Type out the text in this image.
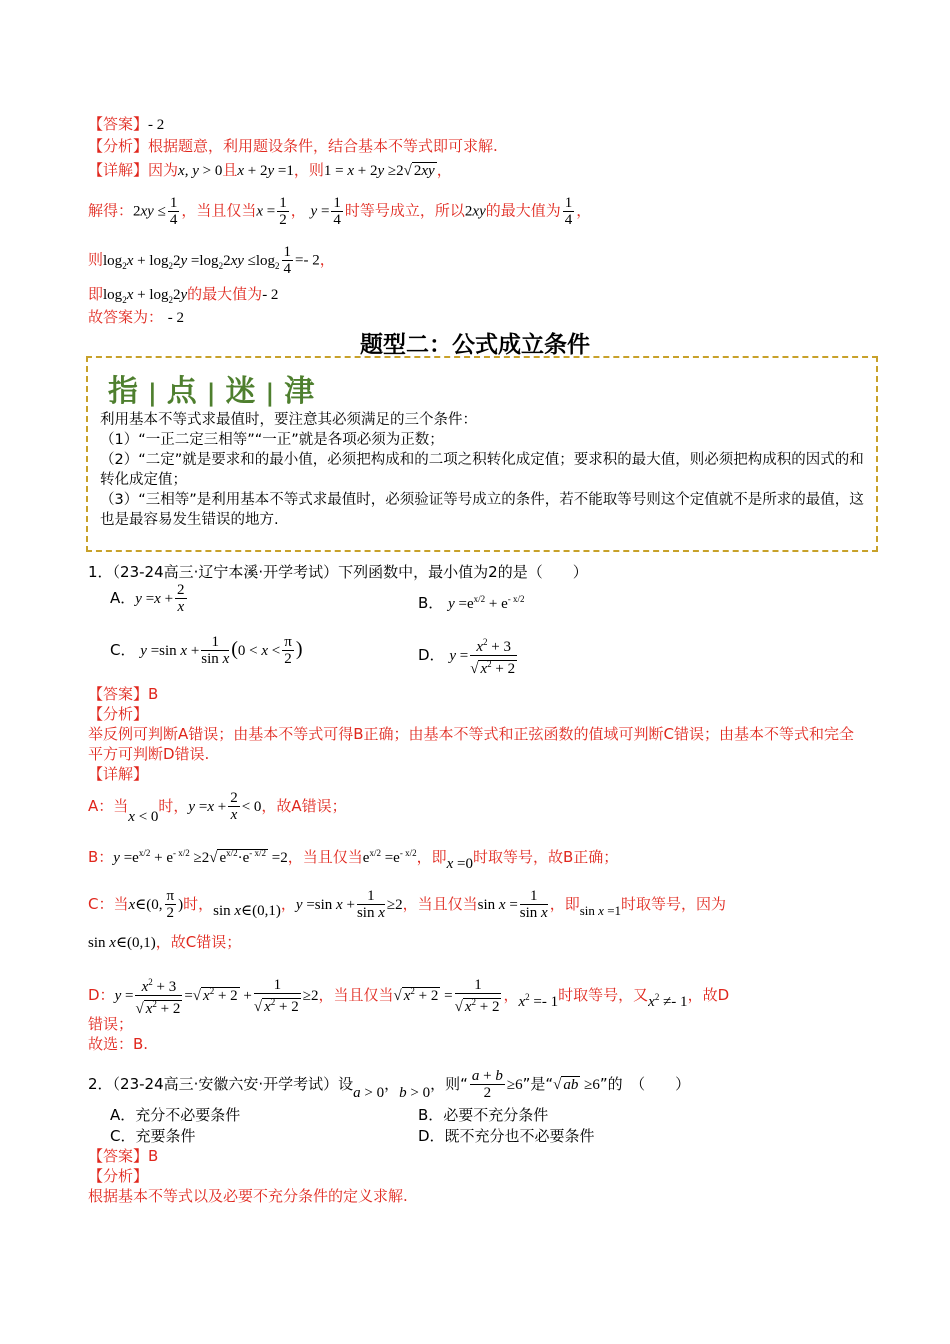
【答案】- 2
【分析】根据题意，利用题设条件，结合基本不等式即可求解.
【详解】因为x, y > 0且x + 2y =1，则1 = x + 2y ≥2√ 2xy ，
解得：$2xy \le \frac{1}{4}$ ，当且仅当$x = \frac{1}{2}$ ， $y = \frac{1}{4}$ 时等号成立，所以2xy的最大值为 $\frac{1}{4}$ ，
则$\log_2x + \log_22y =\log_22xy \le\log_2 \frac{1}{4} =- 2$，
即$\log_2x + \log_22y$的最大值为- 2
故答案为： - 2
题型二：公式成立条件
指 | 点 | 迷 | 津
利用基本不等式求最值时，要注意其必须满足的三个条件：
（1）“一正二定三相等”“一正”就是各项必须为正数；
（2）“二定”就是要求和的最小值，必须把构成和的二项之积转化成定值；要求积的最大值，则必须把构成积的因式的和转化成定值；
（3）“三相等”是利用基本不等式求最值时，必须验证等号成立的条件，若不能取等号则这个定值就不是所求的最值，这也是最容易发生错误的地方.
1．（23-24高三·辽宁本溪·开学考试）下列函数中，最小值为2的是（　　）
A．$y =x + \frac{2}{x}$	B． $y =e^{x/2} + e^{- x/2}$
C． y =sin $x + \frac{1}{\text{sin x}} (0 < x < \frac{\pi}{2}$ )	D． $y = \frac{x^2 + 3}{√ x^2 + 2}$
【答案】B
【分析】
举反例可判断A错误；由基本不等式可得B正确；由基本不等式和正弦函数的值域可判断C错误；由基本不等式和完全平方可判断D错误.
【详解】
A：当x < 0时，$y =x + \frac{2}{x} < 0$，故A错误；
B：$y =e^{x/2} + e^{- x/2} \ge 2√$ $e^{x/2}\cdot e^{- x/2} =2$，当且仅当$e^{x/2} =e^{- x/2}$，即x =0时取等号，故B正确；
C：当x∈(0, $\frac{\pi}{2}$ )时，sin x∈(0,1)，y =sin $x + \frac{1}{\text{sin x}} \ge 2$，当且仅当$\sin x = \frac{1}{\text{sin x}}$ ，即sin x =1时取等号，因为
sin x∈(0,1)，故C错误；
D：$y = \frac{x^2 + 3}{√ x^2 + 2}$ =√ $x^2 + 2 + \frac{1}{√ x^2 + 2} \ge 2$，当且仅当√ $x^2 + 2 = \frac{1}{√ x^2 + 2}$ ，$x^2 =- 1$时取等号，又$x^2 \ne- 1$，故D
错误；
故选：B.
2．（23-24高三·安徽六安·开学考试）设a > 0，b > 0，则“ $\frac{a + b}{2} \ge 6$”是“√ ab ≥6”的　（　　）
A．充分不必要条件	B．必要不充分条件
C．充要条件	D．既不充分也不必要条件
【答案】B
【分析】
根据基本不等式以及必要不充分条件的定义求解.
